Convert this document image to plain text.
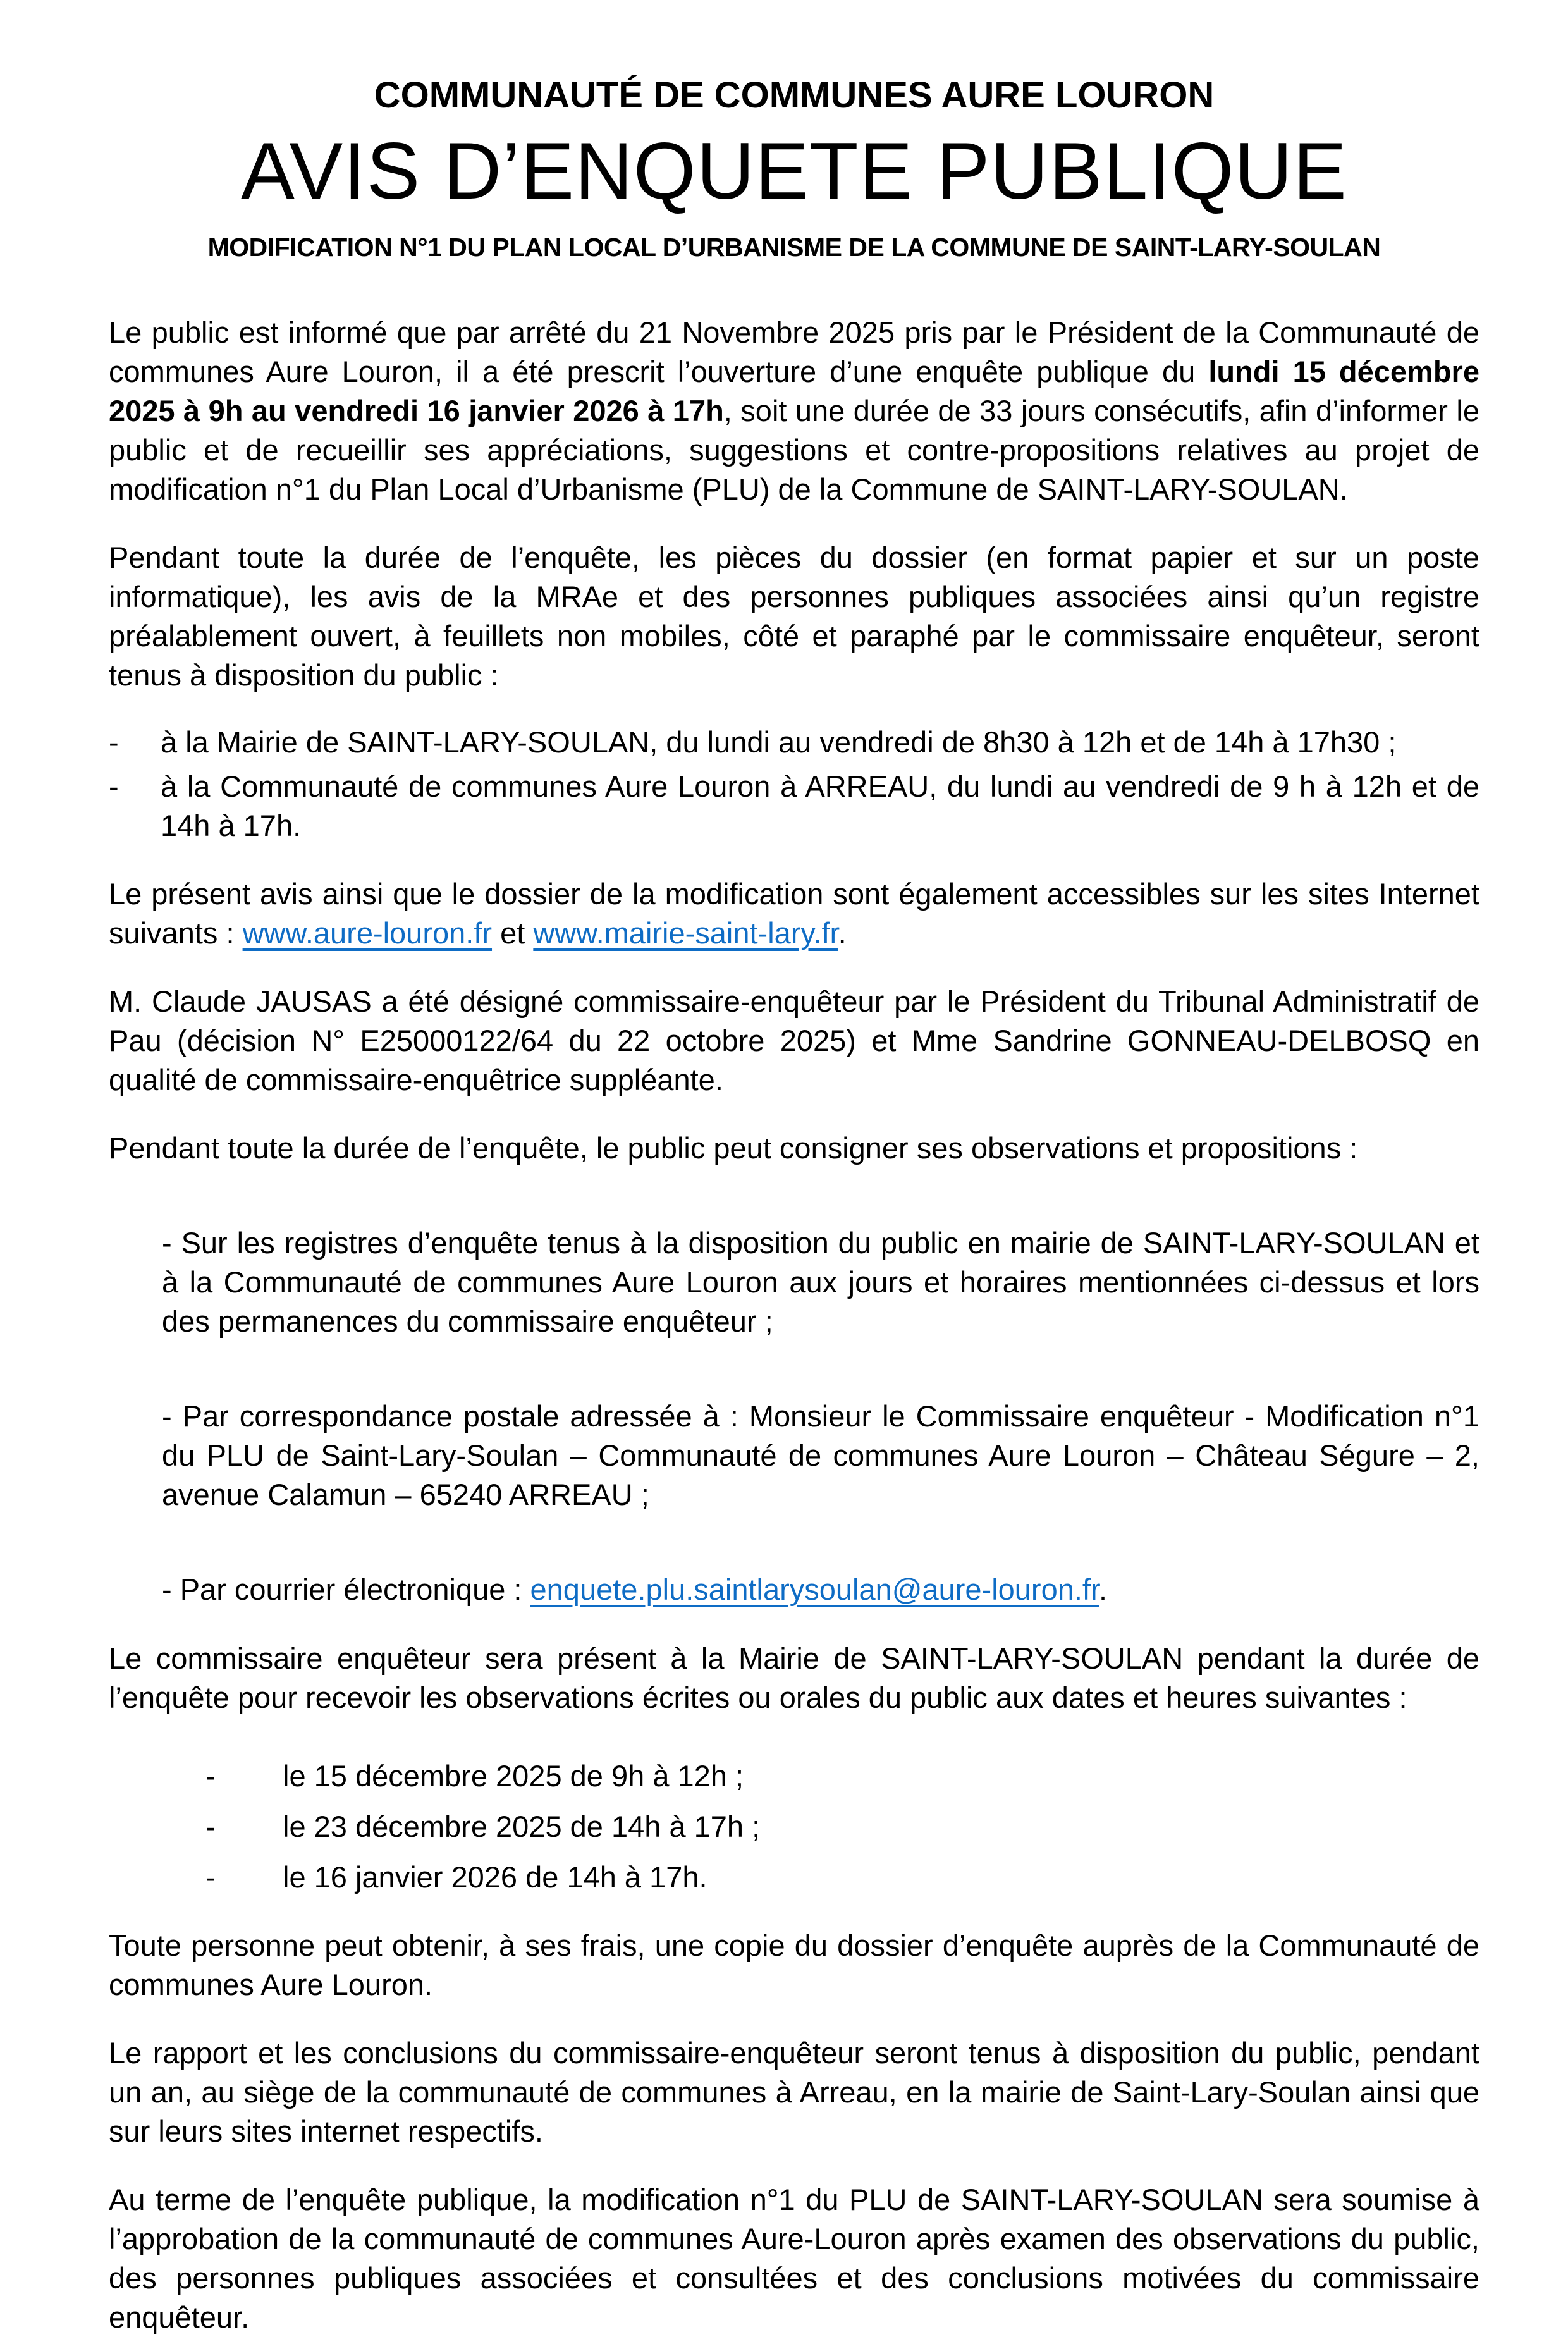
COMMUNAUTÉ DE COMMUNES AURE LOURON
AVIS D’ENQUETE PUBLIQUE
MODIFICATION N°1 DU PLAN LOCAL D’URBANISME DE LA COMMUNE DE SAINT-LARY-SOULAN

Le public est informé que par arrêté du 21 Novembre 2025 pris par le Président de la Communauté de communes Aure Louron, il a été prescrit l’ouverture d’une enquête publique du lundi 15 décembre 2025 à 9h au vendredi 16 janvier 2026 à 17h, soit une durée de 33 jours consécutifs, afin d’informer le public et de recueillir ses appréciations, suggestions et contre-propositions relatives au projet de modification n°1 du Plan Local d’Urbanisme (PLU) de la Commune de SAINT-LARY-SOULAN.

Pendant toute la durée de l’enquête, les pièces du dossier (en format papier et sur un poste informatique), les avis de la MRAe et des personnes publiques associées ainsi qu’un registre préalablement ouvert, à feuillets non mobiles, côté et paraphé par le commissaire enquêteur, seront tenus à disposition du public :

-	à la Mairie de SAINT-LARY-SOULAN, du lundi au vendredi de 8h30 à 12h et de 14h à 17h30 ;
-	à la Communauté de communes Aure Louron à ARREAU, du lundi au vendredi de 9 h à 12h et de 14h à 17h.

Le présent avis ainsi que le dossier de la modification sont également accessibles sur les sites Internet suivants : www.aure-louron.fr et www.mairie-saint-lary.fr.

M. Claude JAUSAS a été désigné commissaire-enquêteur par le Président du Tribunal Administratif de Pau (décision N° E25000122/64 du 22 octobre 2025) et Mme Sandrine GONNEAU-DELBOSQ en qualité de commissaire-enquêtrice suppléante.

Pendant toute la durée de l’enquête, le public peut consigner ses observations et propositions :

- Sur les registres d’enquête tenus à la disposition du public en mairie de SAINT-LARY-SOULAN et à la Communauté de communes Aure Louron aux jours et horaires mentionnées ci-dessus et lors des permanences du commissaire enquêteur ;
- Par correspondance postale adressée à : Monsieur le Commissaire enquêteur - Modification n°1 du PLU de Saint-Lary-Soulan – Communauté de communes Aure Louron – Château Ségure – 2, avenue Calamun – 65240 ARREAU ;
- Par courrier électronique : enquete.plu.saintlarysoulan@aure-louron.fr.

Le commissaire enquêteur sera présent à la Mairie de SAINT-LARY-SOULAN pendant la durée de l’enquête pour recevoir les observations écrites ou orales du public aux dates et heures suivantes :

-	le 15 décembre 2025 de 9h à 12h ;
-	le 23 décembre 2025 de 14h à 17h ;
-	le 16 janvier 2026 de 14h à 17h.

Toute personne peut obtenir, à ses frais, une copie du dossier d’enquête auprès de la Communauté de communes Aure Louron.

Le rapport et les conclusions du commissaire-enquêteur seront tenus à disposition du public, pendant un an, au siège de la communauté de communes à Arreau, en la mairie de Saint-Lary-Soulan ainsi que sur leurs sites internet respectifs.

Au terme de l’enquête publique, la modification n°1 du PLU de SAINT-LARY-SOULAN sera soumise à l’approbation de la communauté de communes Aure-Louron après examen des observations du public, des personnes publiques associées et consultées et des conclusions motivées du commissaire enquêteur.
